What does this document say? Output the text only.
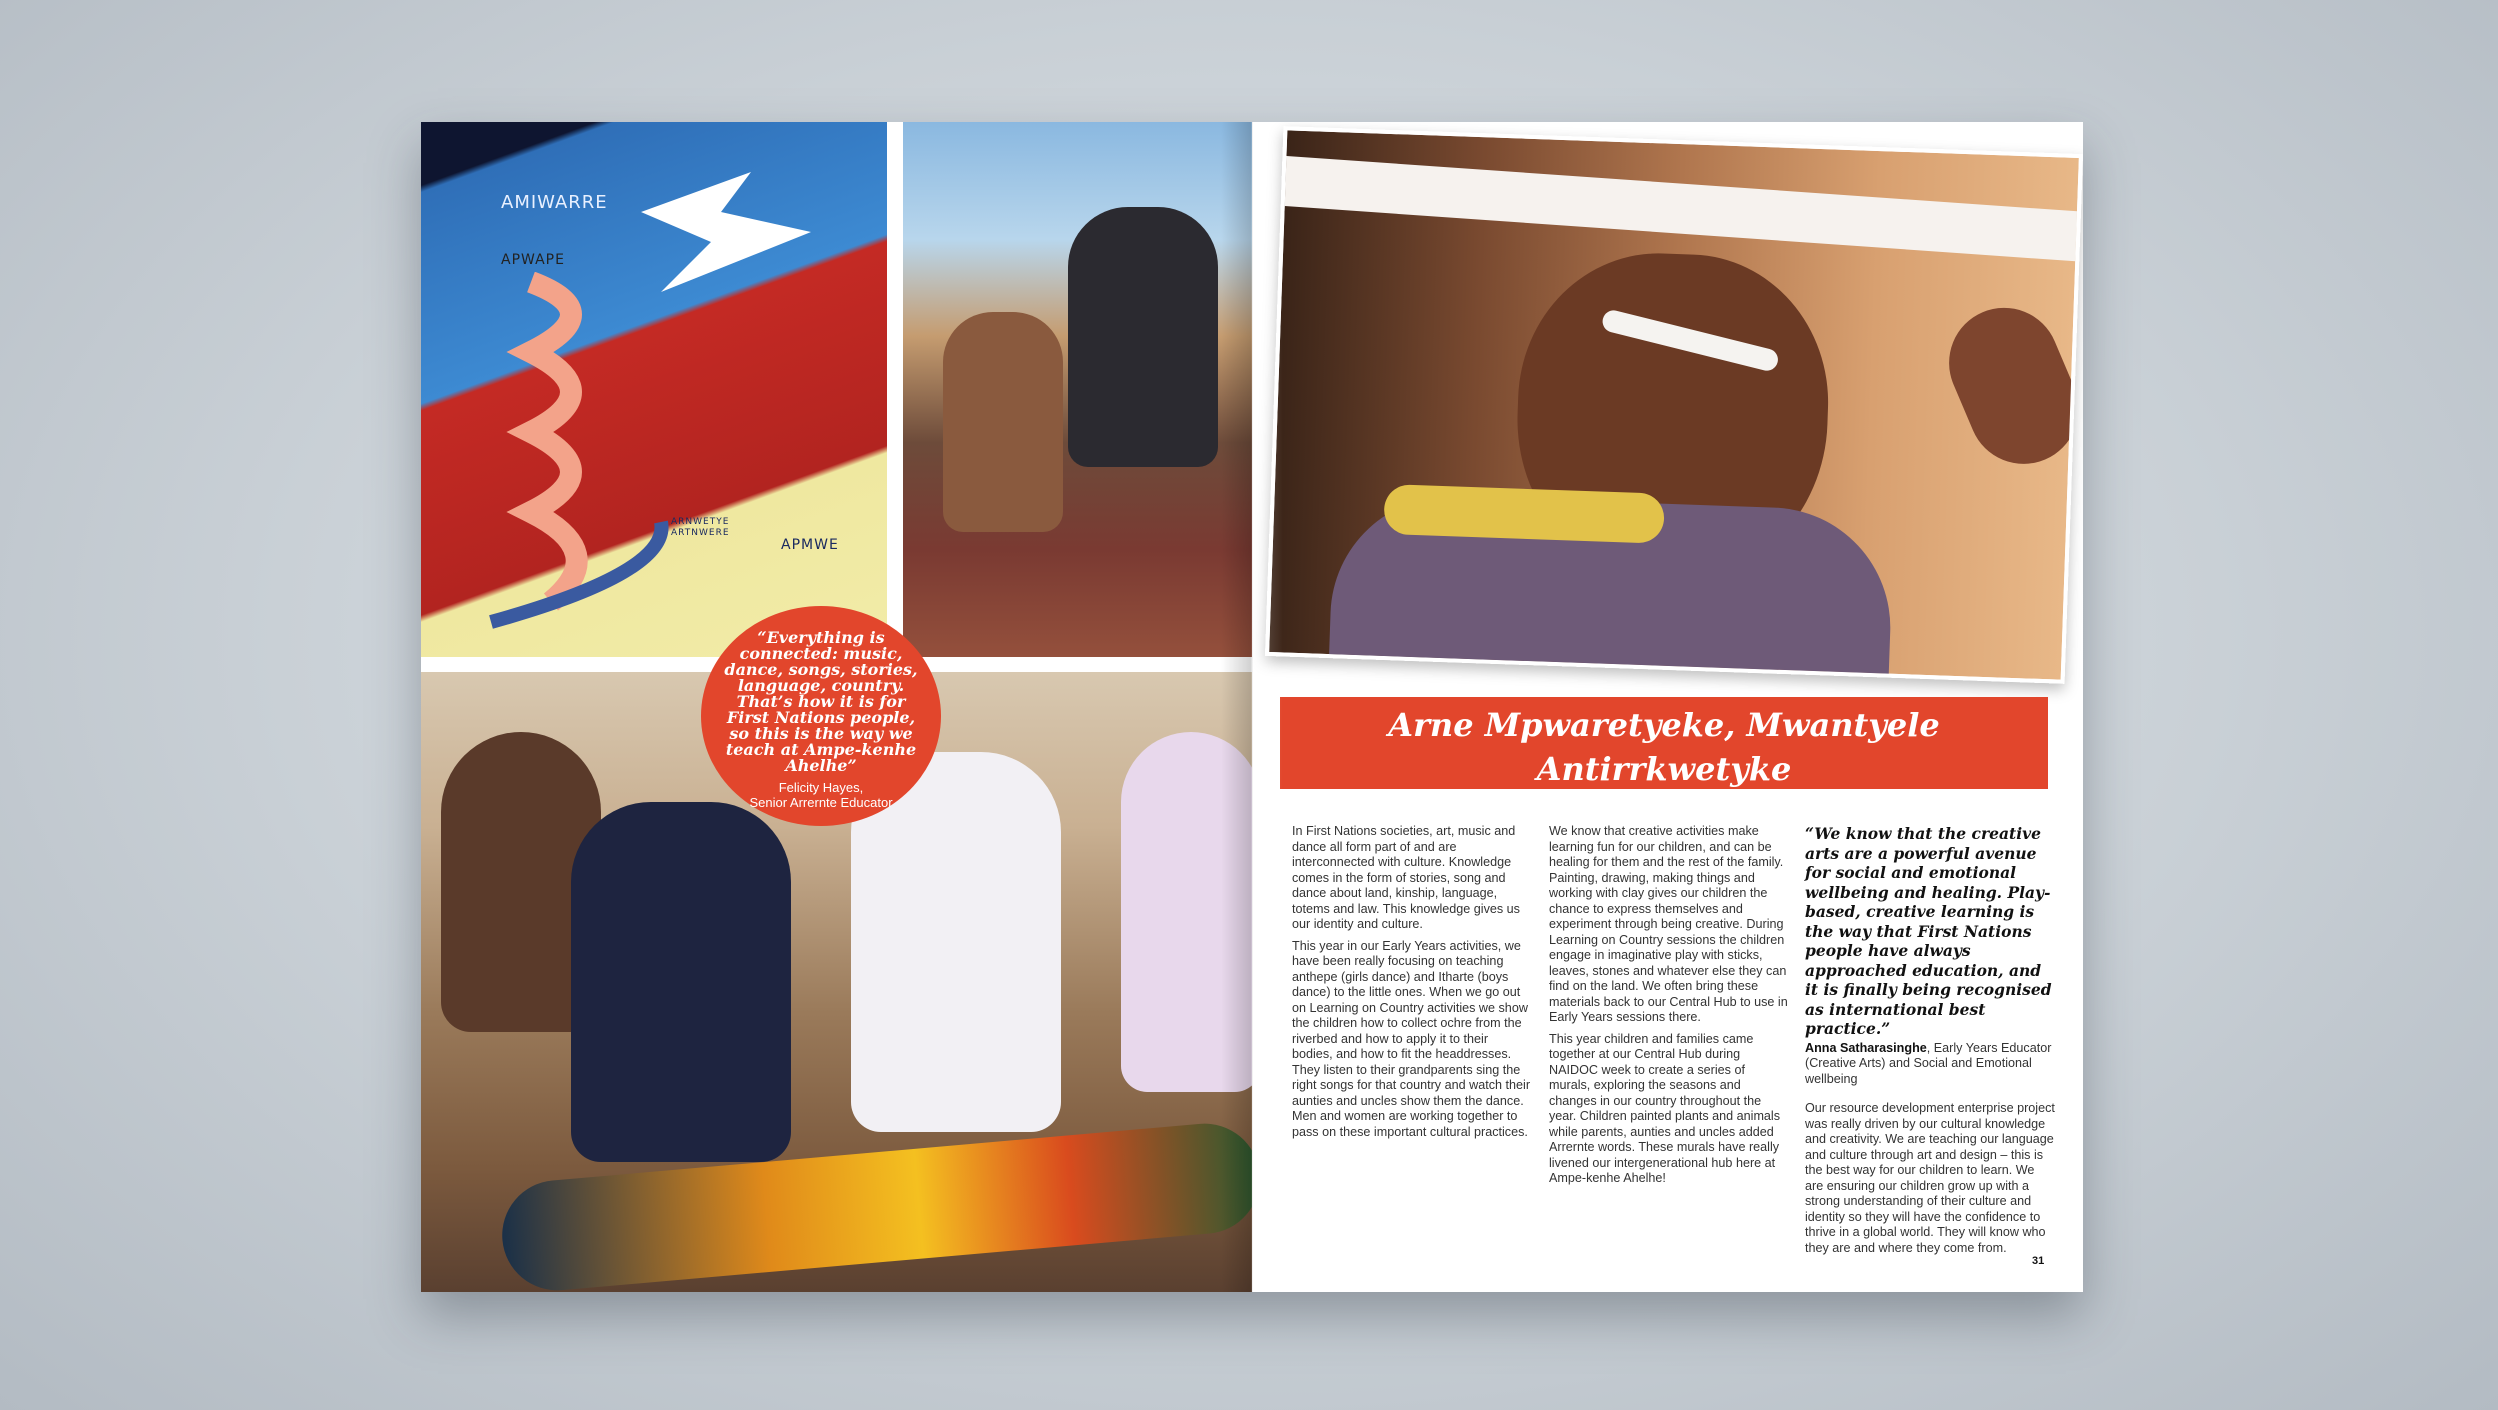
AMIWARRE
APWAPE
ARNWETYE ARTNWERE
APMWE
“Everything is connected: music, dance, songs, stories, language, country. That’s how it is for First Nations people, so this is the way we teach at Ampe-kenhe Ahelhe”
Felicity Hayes,
Senior Arrernte Educator
Arne Mpwaretyeke, Mwantyele Antirrkwetyke
Creative and Cultural Development and Wellbeing

In First Nations societies, art, music and dance all form part of and are interconnected with culture. Knowledge comes in the form of stories, song and dance about land, kinship, language, totems and law. This knowledge gives us our identity and culture.

This year in our Early Years activities, we have been really focusing on teaching anthepe (girls dance) and Itharte (boys dance) to the little ones. When we go out on Learning on Country activities we show the children how to collect ochre from the riverbed and how to apply it to their bodies, and how to fit the headdresses. They listen to their grandparents sing the right songs for that country and watch their aunties and uncles show them the dance. Men and women are working together to pass on these important cultural practices.

We know that creative activities make learning fun for our children, and can be healing for them and the rest of the family. Painting, drawing, making things and working with clay gives our children the chance to express themselves and experiment through being creative. During Learning on Country sessions the children engage in imaginative play with sticks, leaves, stones and whatever else they can find on the land. We often bring these materials back to our Central Hub to use in Early Years sessions there.

This year children and families came together at our Central Hub during NAIDOC week to create a series of murals, exploring the seasons and changes in our country throughout the year. Children painted plants and animals while parents, aunties and uncles added Arrernte words. These murals have really livened our intergenerational hub here at Ampe-kenhe Ahelhe!

“We know that the creative arts are a powerful avenue for social and emotional wellbeing and healing. Play-based, creative learning is the way that First Nations people have always approached education, and it is finally being recognised as international best practice.”
Anna Satharasinghe, Early Years Educator (Creative Arts) and Social and Emotional wellbeing

Our resource development enterprise project was really driven by our cultural knowledge and creativity. We are teaching our language and culture through art and design – this is the best way for our children to learn. We are ensuring our children grow up with a strong understanding of their culture and identity so they will have the confidence to thrive in a global world. They will know who they are and where they come from.

31
